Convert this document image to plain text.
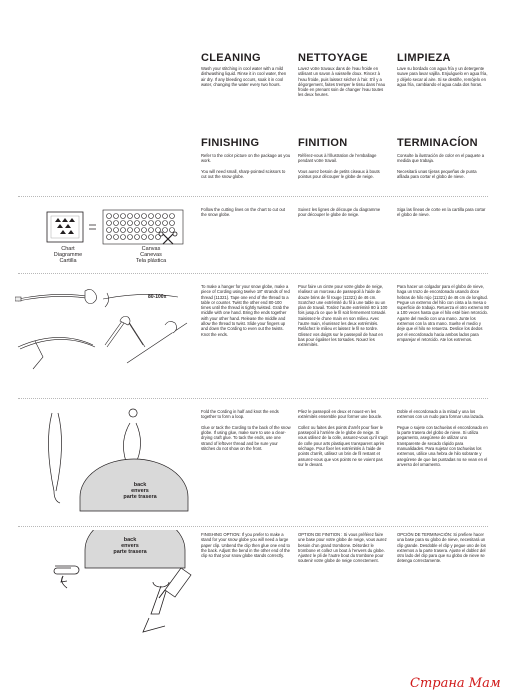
CLEANING	NETTOYAGE	LIMPIEZA
Wash your stitching in cool water with a mild dishwashing liquid. Rinse it in cool water, then air dry. If any bleeding occurs, soak it in cool water, changing the water every two hours.
Lavez votre travaux dans de l’eau froide en utilisant un savon à vaisselle doux. Rincez à l’eau froide, puis laissez sécher à l’air. S’il y a dégorgement, faites tremper le tissu dans l’eau froide en prenant soin de changer l’eau toutes les deux heures.
Lave su bordado con agua fría y un detergente suave para lavar vajilla. Enjuáguelo en agua fría, y déjelo secar al aire. Si se destiñe, remójelo en agua fría, cambiando el agua cada dos horas.
FINISHING	FINITION	TERMINACÍON
Refer to the color picture on the package as you work.

You will need small, sharp-pointed scissors to cut out the snow globe.
Référez-vous à l’illustration de l’emballage pendant votre travail.

Vous aurez besoin de petits ciseaux à bouts pointus pour découper le globe de neige.
Consulte la ilustración de color en el paquete a medida que trabaja.

Necesitará unas tijeras pequeñas de punta afilada para cortar el globo de nieve.
Chart
Diagramme
Cartilla
Canvas
Canevas
Tela plástica
Follow the cutting lines on the chart to cut out the snow globe.
Suivez les lignes de découpe du diagramme pour découper le globe de neige.
Siga las líneas de corte en la cartilla para cortar el globo de nieve.
80-100x
To make a hanger for your snow globe, make a piece of Cording using twelve 18" strands of red thread (11321). Tape one end of the thread to a table or counter. Twist the other end 80-100 times until the thread is tightly twisted. Grab the middle with one hand. Bring the ends together with your other hand. Release the middle and allow the thread to twist. Slide your fingers up and down the Cording to even out the twists. Knot the ends.
Pour faire un cintre pour votre globe de neige, réalisez un morceau de passepoil à l’aide de douze brins de fil rouge (11321) de 46 cm. Scotchez une extrémité du fil à une table ou un plan de travail. Tordez l’autre extrémité 80 à 100 fois jusqu’à ce que le fil soit fermement torsadé. Saisissez-le d’une main en son milieu. Avec l’autre main, réunissez les deux extrémités. Relâchez le milieu et laissez le fil se tordre. Glissez vos doigts sur le passepoil de haut en bas pour égaliser les torsades. Nouez les extrémités.
Para hacer un colgador para el globo de nieve, haga un trozo de encordonado usando doce hebras de hilo rojo (11321) de 46 cm de longitud. Pegue un extremo del hilo con cinta a la mesa o superficie de trabajo. Retuerza el otro extremo 80 a 100 veces hasta que el hilo esté bien retorcido. Agarre del medio con una mano. Junte los extremos con la otra mano. Suelte el medio y deje que el hilo se retuerza. Deslice los dedos por el encordonado hacia ambos lados para emparejar el retorcido. Ate los extremos.
back
envers
parte trasera
Fold the Cording in half and knot the ends together to form a loop.

Glue or tack the Cording to the back of the snow globe. If using glue, make sure to use a clear-drying craft glue. To tack the ends, use one strand of leftover thread and be sure your stitches do not show on the front.
Pliez le passepoil en deux et nouez-en les extrémités ensemble pour former une boucle.

Collez ou faites des points d’arrêt pour fixer le passepoil à l’arrière de le globe de neige. Si vous utilisez de la colle, assurez-vous qu’il s’agit de colle pour arts plastiques transparent après séchage. Pour fixer les extrémités à l’aide de points d’arrêt, utilisez un brin de fil restant et assurez-vous que vos points ne se voient pas sur le devant.
Doble el encordonado a la mitad y una los extremos con un nudo para formar una lazada.

Pegue o sujete con tachuelas el encordonado en la parte trasera del globo de nieve. Si utiliza pegamento, asegúrese de utilizar uno transparente de secado rápido para manualidades. Para sujetar con tachuelas los extremos, utilice una hebra de hilo sobrante y asegúrese de que las puntadas no se vean en el anverso del ornamento.
back
envers
parte trasera
FINISHING OPTION: If you prefer to make a stand for your snow globe you will need a large paper clip. Unbend the clip then glue one end to the back. Adjust the bend in the other end of the clip so that your snow globe stands correctly.
OPTION DE FINITION : Si vous préférez faire une base pour votre globe de neige, vous aurez besoin d’un grand trombone. Détordez le trombone et collez un bout à l’envers du globe. Ajustez le pli de l’autre bout du trombone pour soutenir votre globe de neige correctement.
OPCIÓN DE TERMINACIÓN: Si prefiere hacer una base para su globo de nieve, necesitará un clip grande. Desdoble el clip y pegue uno de los extremos a la parte trasera. Ajuste el doblez del otro lado del clip para que su globo de nieve se detenga correctamente.
Страна Мам
